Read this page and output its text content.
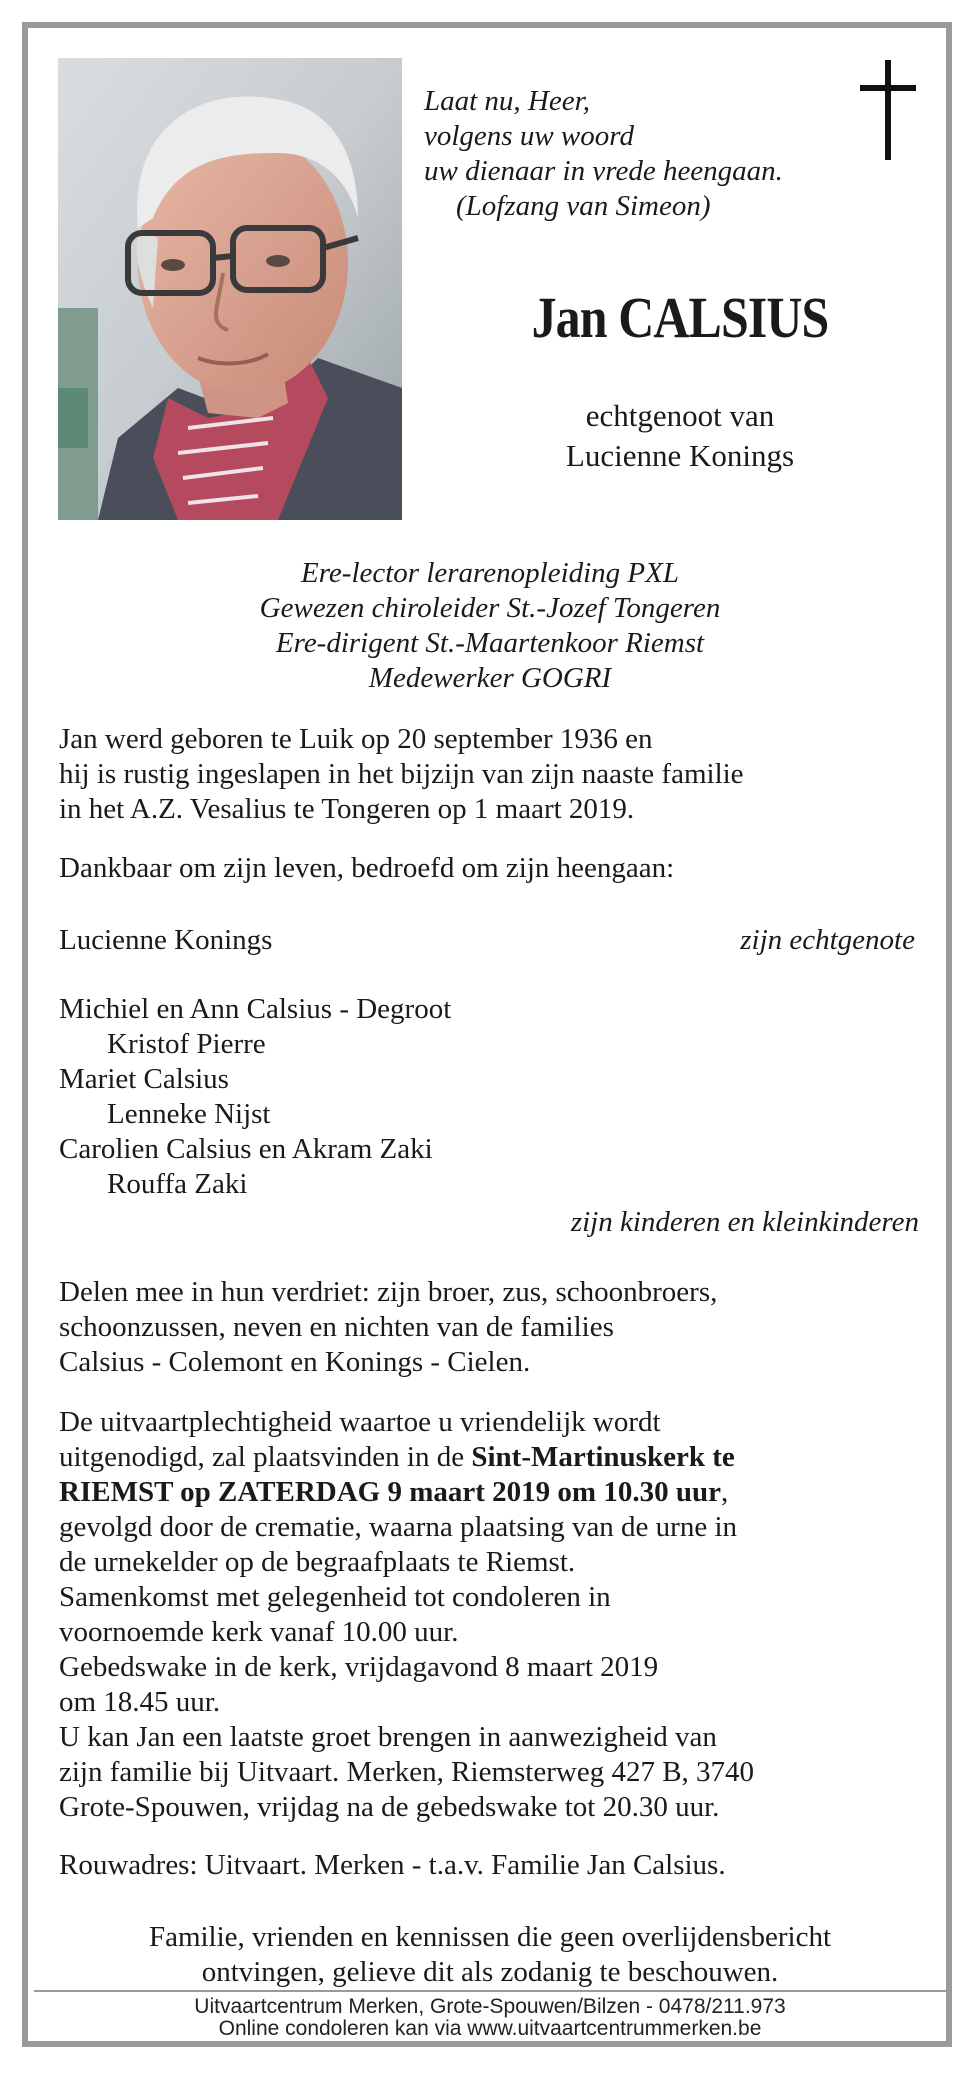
Laat nu, Heer,
volgens uw woord
uw dienaar in vrede heengaan.
(Lofzang van Simeon)
Jan CALSIUS
echtgenoot van
Lucienne Konings
Ere-lector lerarenopleiding PXL
Gewezen chiroleider St.-Jozef Tongeren
Ere-dirigent St.-Maartenkoor Riemst
Medewerker GOGRI
Jan werd geboren te Luik op 20 september 1936 en
hij is rustig ingeslapen in het bijzijn van zijn naaste familie
in het A.Z. Vesalius te Tongeren op 1 maart 2019.
Dankbaar om zijn leven, bedroefd om zijn heengaan:
Lucienne Konings	zijn echtgenote
Michiel en Ann Calsius - Degroot
Kristof Pierre
Mariet Calsius
Lenneke Nijst
Carolien Calsius en Akram Zaki
Rouffa Zaki
zijn kinderen en kleinkinderen
Delen mee in hun verdriet: zijn broer, zus, schoonbroers,
schoonzussen, neven en nichten van de families
Calsius - Colemont en Konings - Cielen.
De uitvaartplechtigheid waartoe u vriendelijk wordt
uitgenodigd, zal plaatsvinden in de Sint-Martinuskerk te
RIEMST op ZATERDAG 9 maart 2019 om 10.30 uur,
gevolgd door de crematie, waarna plaatsing van de urne in
de urnekelder op de begraafplaats te Riemst.
Samenkomst met gelegenheid tot condoleren in
voornoemde kerk vanaf 10.00 uur.
Gebedswake in de kerk, vrijdagavond 8 maart 2019
om 18.45 uur.
U kan Jan een laatste groet brengen in aanwezigheid van
zijn familie bij Uitvaart. Merken, Riemsterweg 427 B, 3740
Grote-Spouwen, vrijdag na de gebedswake tot 20.30 uur.
Rouwadres: Uitvaart. Merken - t.a.v. Familie Jan Calsius.
Familie, vrienden en kennissen die geen overlijdensbericht
ontvingen, gelieve dit als zodanig te beschouwen.
Uitvaartcentrum Merken, Grote-Spouwen/Bilzen - 0478/211.973
Online condoleren kan via www.uitvaartcentrummerken.be
